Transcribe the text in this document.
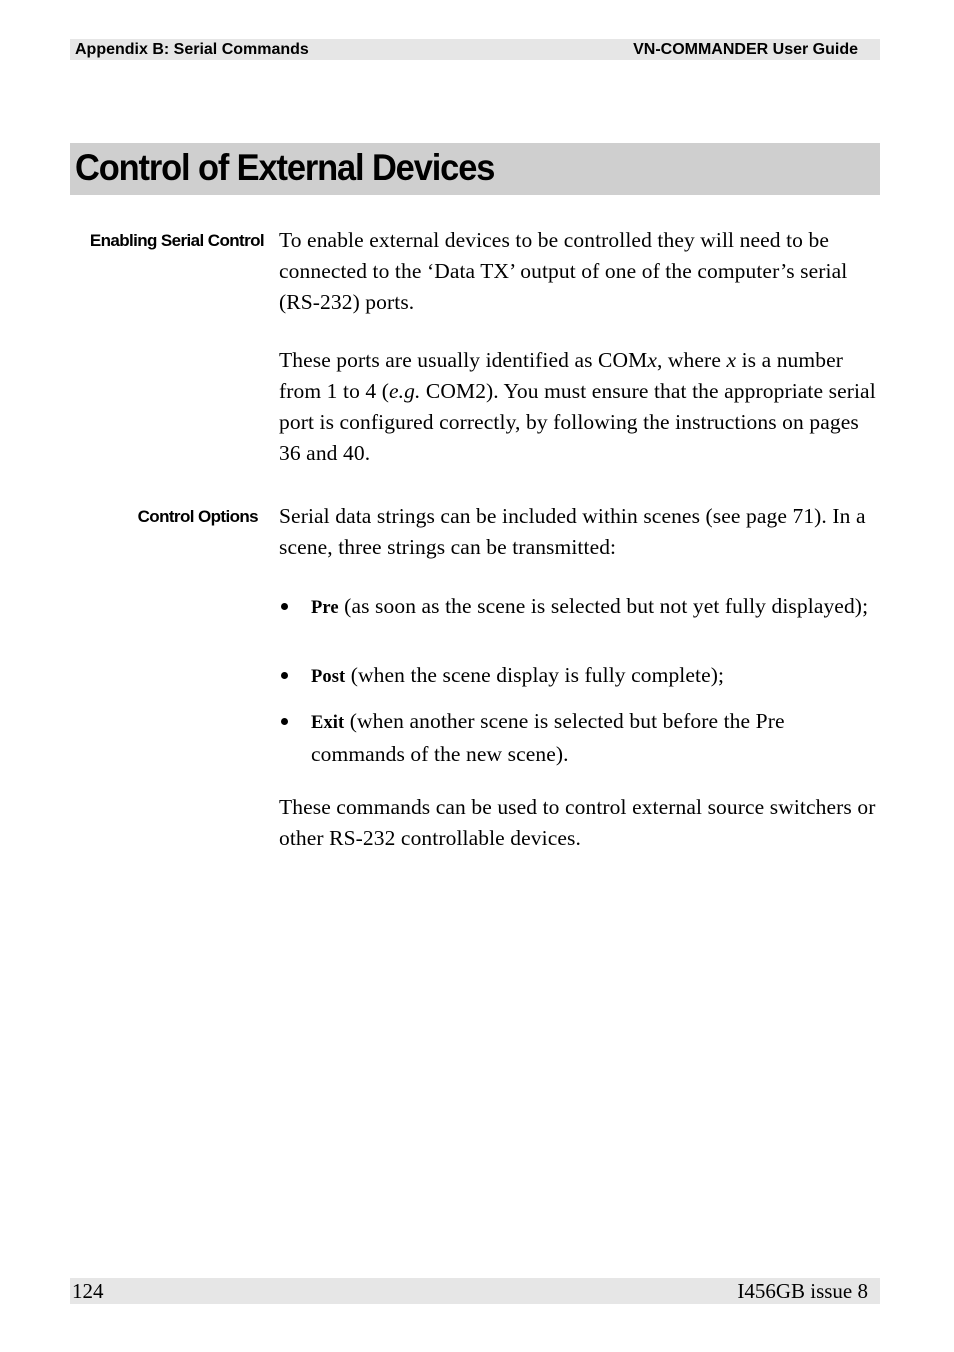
Appendix B: Serial Commands	VN-COMMANDER User Guide
Control of External Devices
Enabling Serial Control To enable external devices to be controlled they will need to be connected to the ‘Data TX’ output of one of the computer’s serial (RS-232) ports.

These ports are usually identified as COMx, where x is a number from 1 to 4 (e.g. COM2). You must ensure that the appropriate serial port is configured correctly, by following the instructions on pages 36 and 40.

Control Options Serial data strings can be included within scenes (see page 71). In a scene, three strings can be transmitted:

Pre (as soon as the scene is selected but not yet fully displayed);
Post (when the scene display is fully complete);
Exit (when another scene is selected but before the Pre commands of the new scene).

These commands can be used to control external source switchers or other RS-232 controllable devices.

124	I456GB issue 8
